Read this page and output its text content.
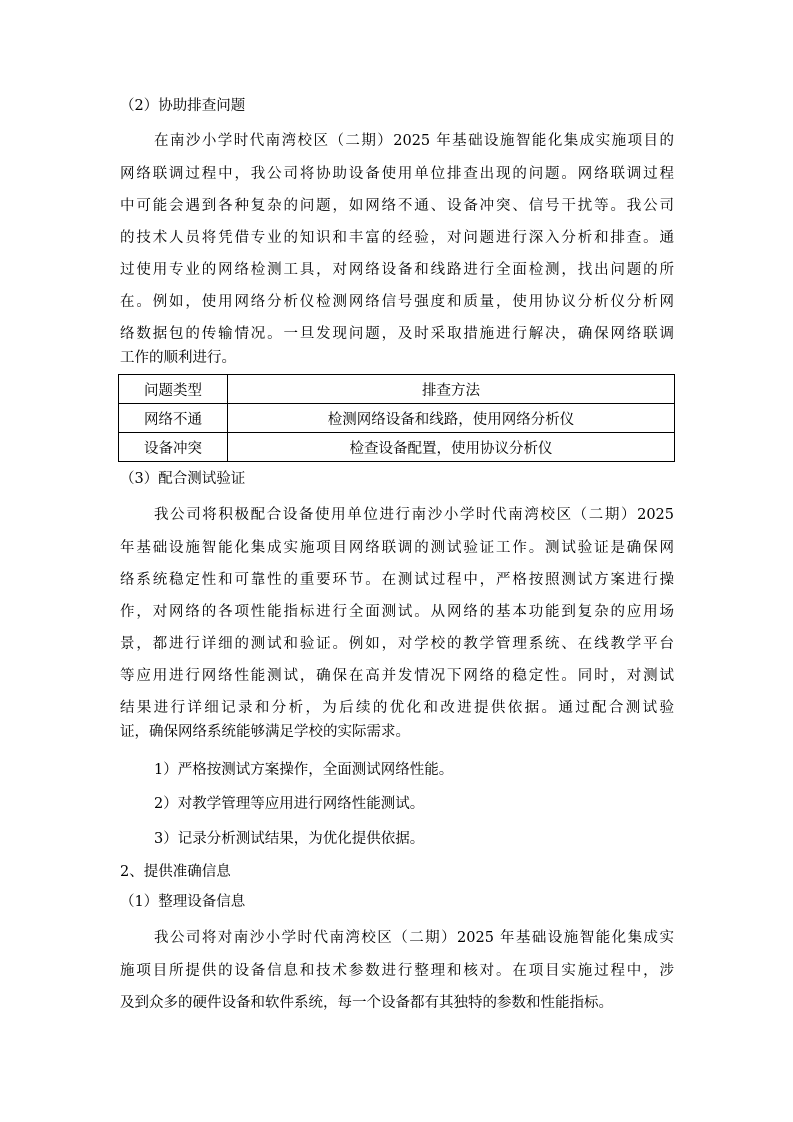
（2）协助排查问题
在南沙小学时代南湾校区（二期）2025 年基础设施智能化集成实施项目的
网络联调过程中，我公司将协助设备使用单位排查出现的问题。网络联调过程
中可能会遇到各种复杂的问题，如网络不通、设备冲突、信号干扰等。我公司
的技术人员将凭借专业的知识和丰富的经验，对问题进行深入分析和排查。通
过使用专业的网络检测工具，对网络设备和线路进行全面检测，找出问题的所
在。例如，使用网络分析仪检测网络信号强度和质量，使用协议分析仪分析网
络数据包的传输情况。一旦发现问题，及时采取措施进行解决，确保网络联调
工作的顺利进行。
问题类型	排查方法
网络不通	检测网络设备和线路，使用网络分析仪
设备冲突	检查设备配置，使用协议分析仪
（3）配合测试验证
我公司将积极配合设备使用单位进行南沙小学时代南湾校区（二期）2025
年基础设施智能化集成实施项目网络联调的测试验证工作。测试验证是确保网
络系统稳定性和可靠性的重要环节。在测试过程中，严格按照测试方案进行操
作，对网络的各项性能指标进行全面测试。从网络的基本功能到复杂的应用场
景，都进行详细的测试和验证。例如，对学校的教学管理系统、在线教学平台
等应用进行网络性能测试，确保在高并发情况下网络的稳定性。同时，对测试
结果进行详细记录和分析，为后续的优化和改进提供依据。通过配合测试验
证，确保网络系统能够满足学校的实际需求。
1）严格按测试方案操作，全面测试网络性能。
2）对教学管理等应用进行网络性能测试。
3）记录分析测试结果，为优化提供依据。
2、提供准确信息
（1）整理设备信息
我公司将对南沙小学时代南湾校区（二期）2025 年基础设施智能化集成实
施项目所提供的设备信息和技术参数进行整理和核对。在项目实施过程中，涉
及到众多的硬件设备和软件系统，每一个设备都有其独特的参数和性能指标。
